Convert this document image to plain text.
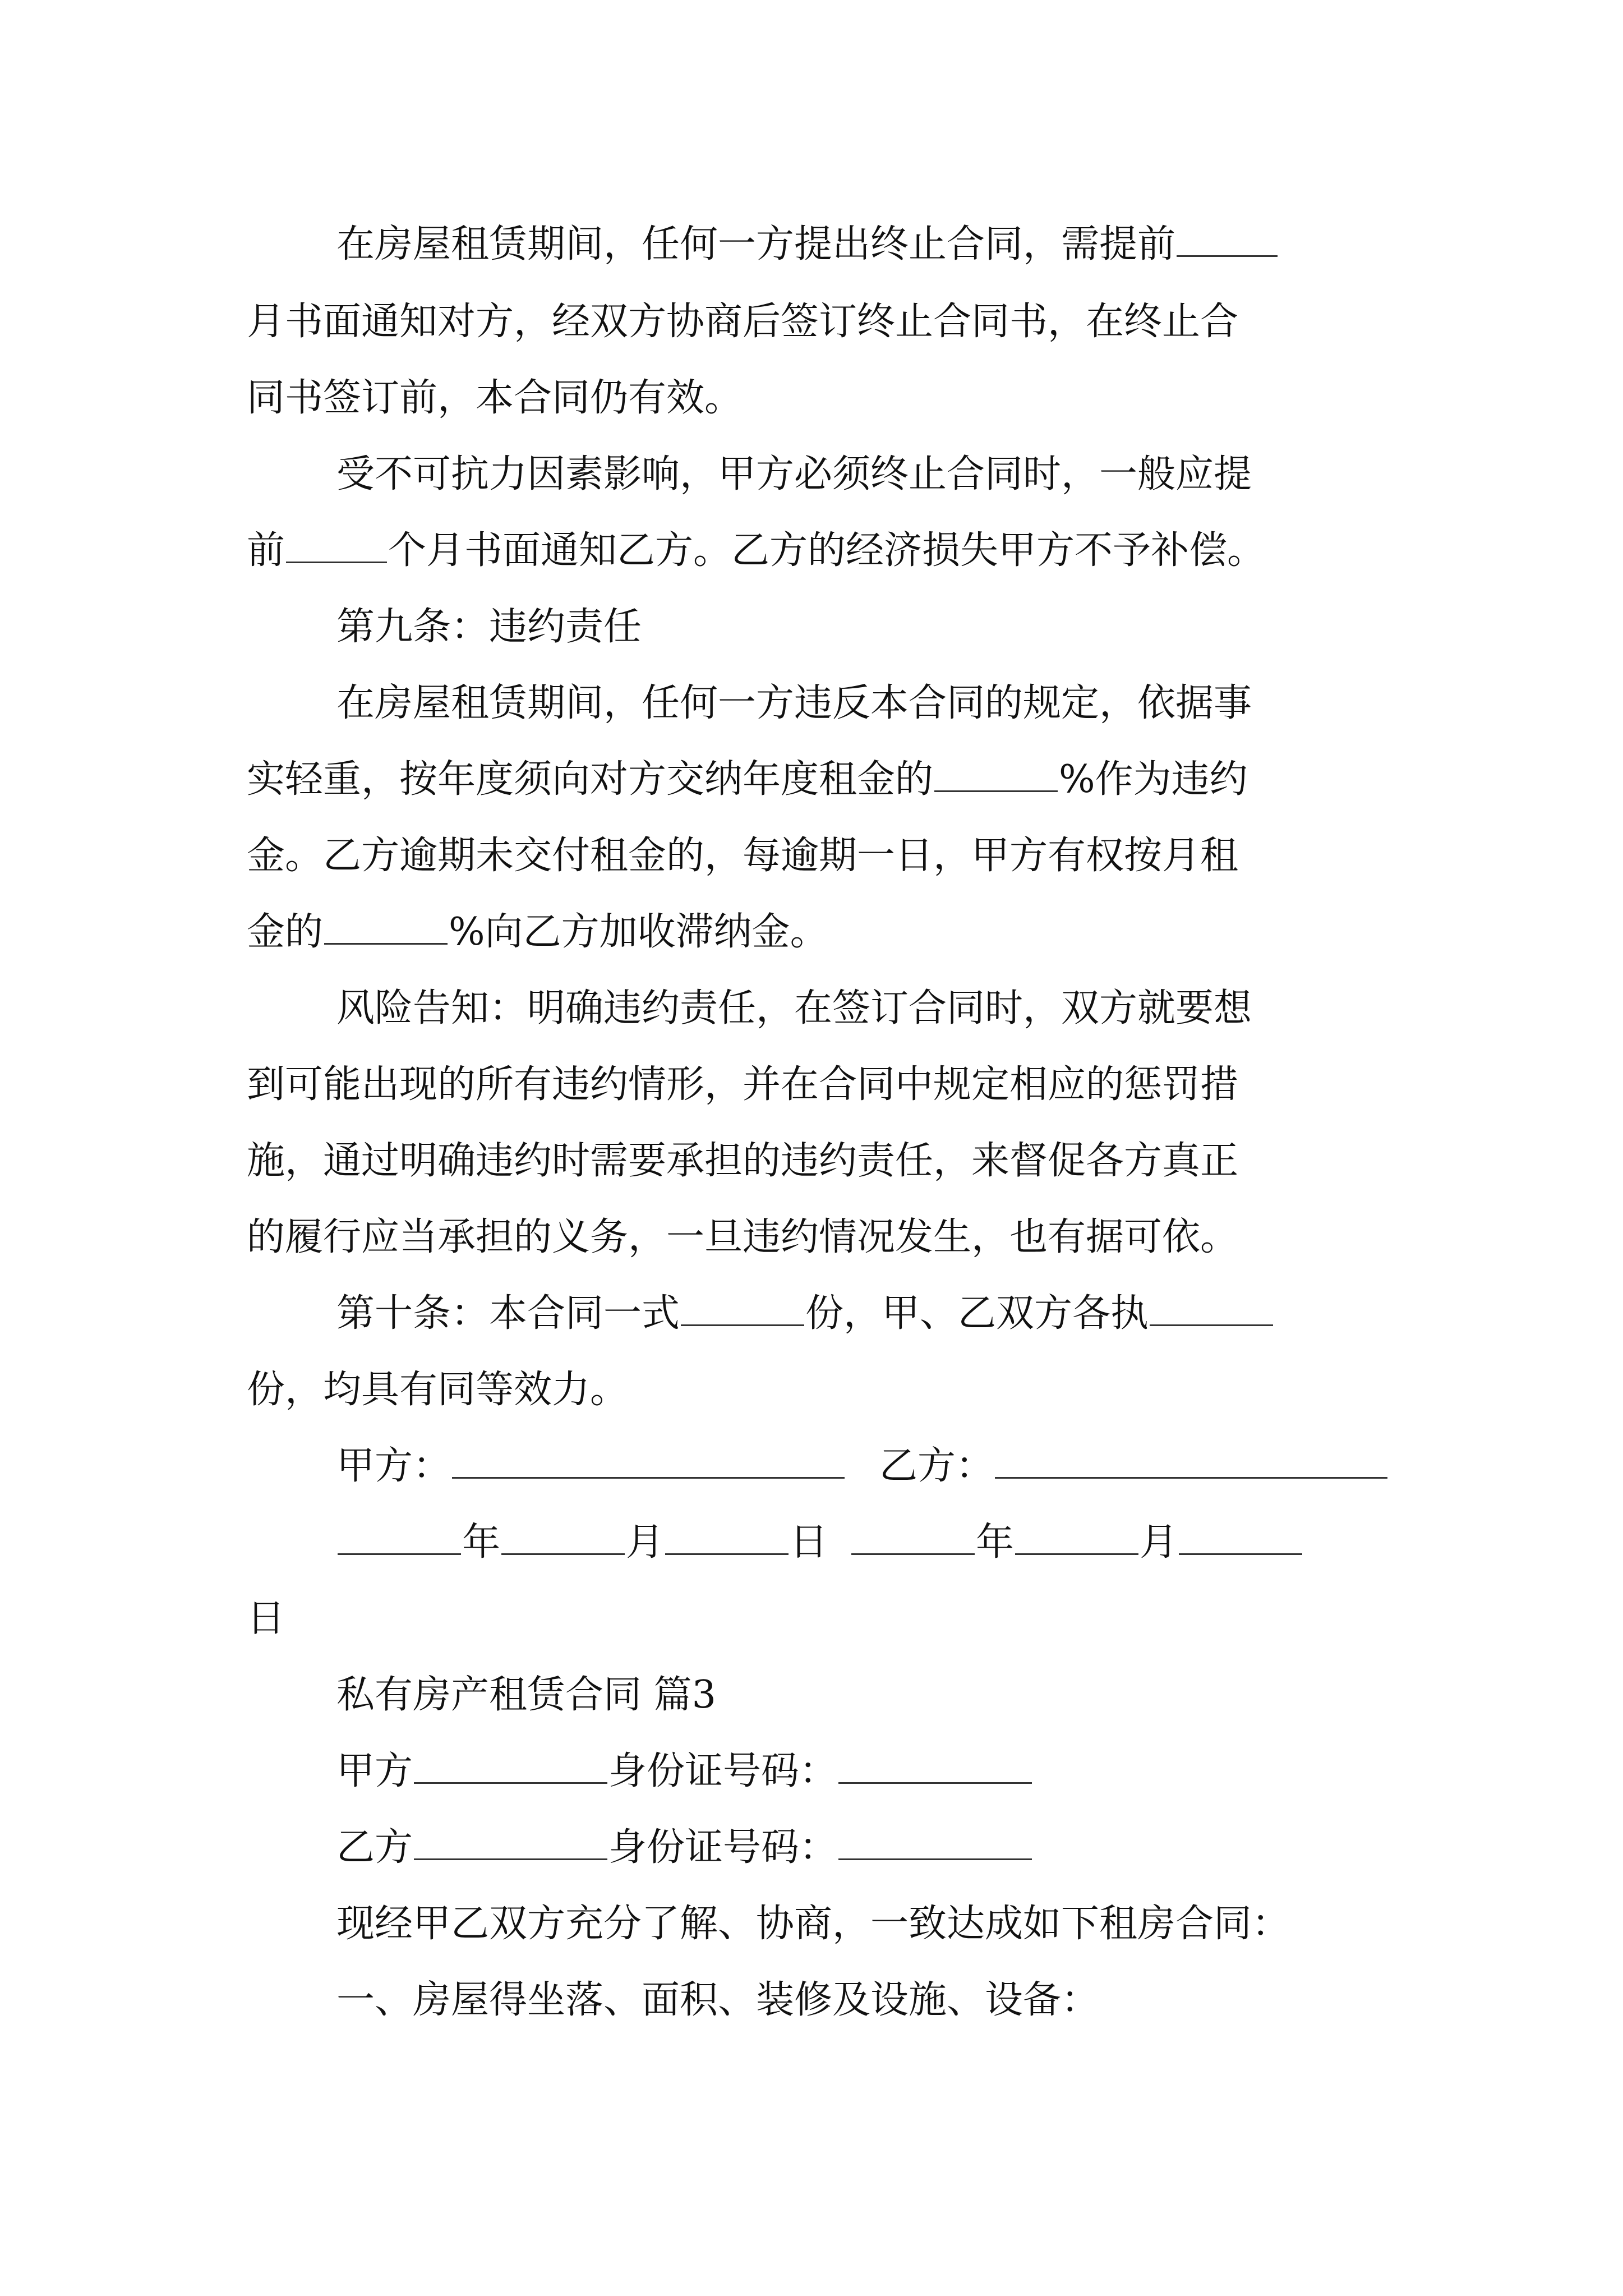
在房屋租赁期间，任何一方提出终止合同，需提前
月书面通知对方，经双方协商后签订终止合同书，在终止合
同书签订前，本合同仍有效。
受不可抗力因素影响，甲方必须终止合同时，一般应提
前	个月书面通知乙方。乙方的经济损失甲方不予补偿。
第九条：违约责任
在房屋租赁期间，任何一方违反本合同的规定，依据事
实轻重，按年度须向对方交纳年度租金的	%作为违约
金。乙方逾期未交付租金的，每逾期一日，甲方有权按月租
金的	%向乙方加收滞纳金。
风险告知：明确违约责任，在签订合同时，双方就要想
到可能出现的所有违约情形，并在合同中规定相应的惩罚措
施，通过明确违约时需要承担的违约责任，来督促各方真正
的履行应当承担的义务，一旦违约情况发生，也有据可依。
第十条：本合同一式	份，甲、乙双方各执
份，均具有同等效力。
甲方：	乙方：
年	月	日	年	月
日
私有房产租赁合同 篇3
甲方	身份证号码：
乙方	身份证号码：
现经甲乙双方充分了解、协商，一致达成如下租房合同：
一、房屋得坐落、面积、装修及设施、设备：
